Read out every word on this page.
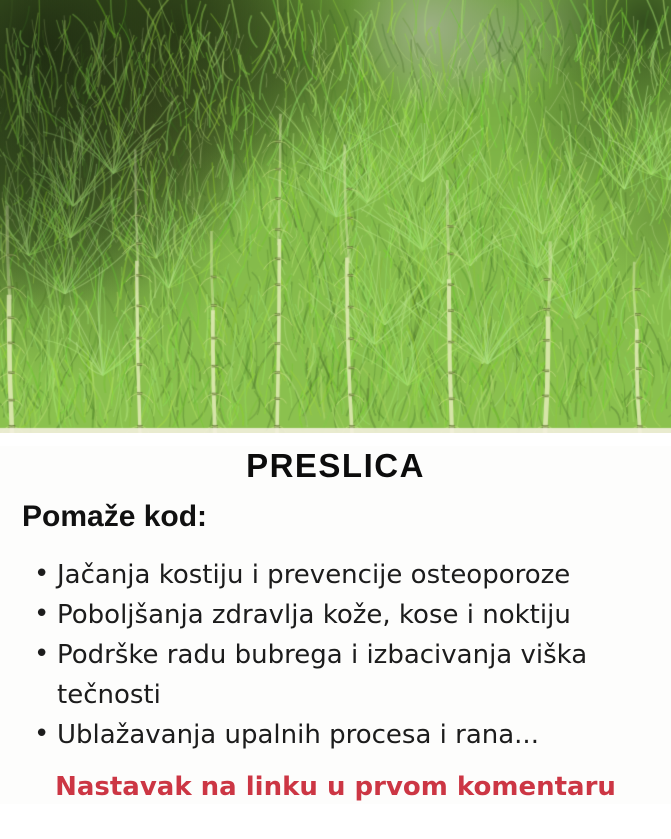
PRESLICA
Pomaže kod:
• Jačanja kostiju i prevencije osteoporoze
• Poboljšanja zdravlja kože, kose i noktiju
• Podrške radu bubrega i izbacivanja viška tečnosti
• Ublažavanja upalnih procesa i rana...
Nastavak na linku u prvom komentaru
